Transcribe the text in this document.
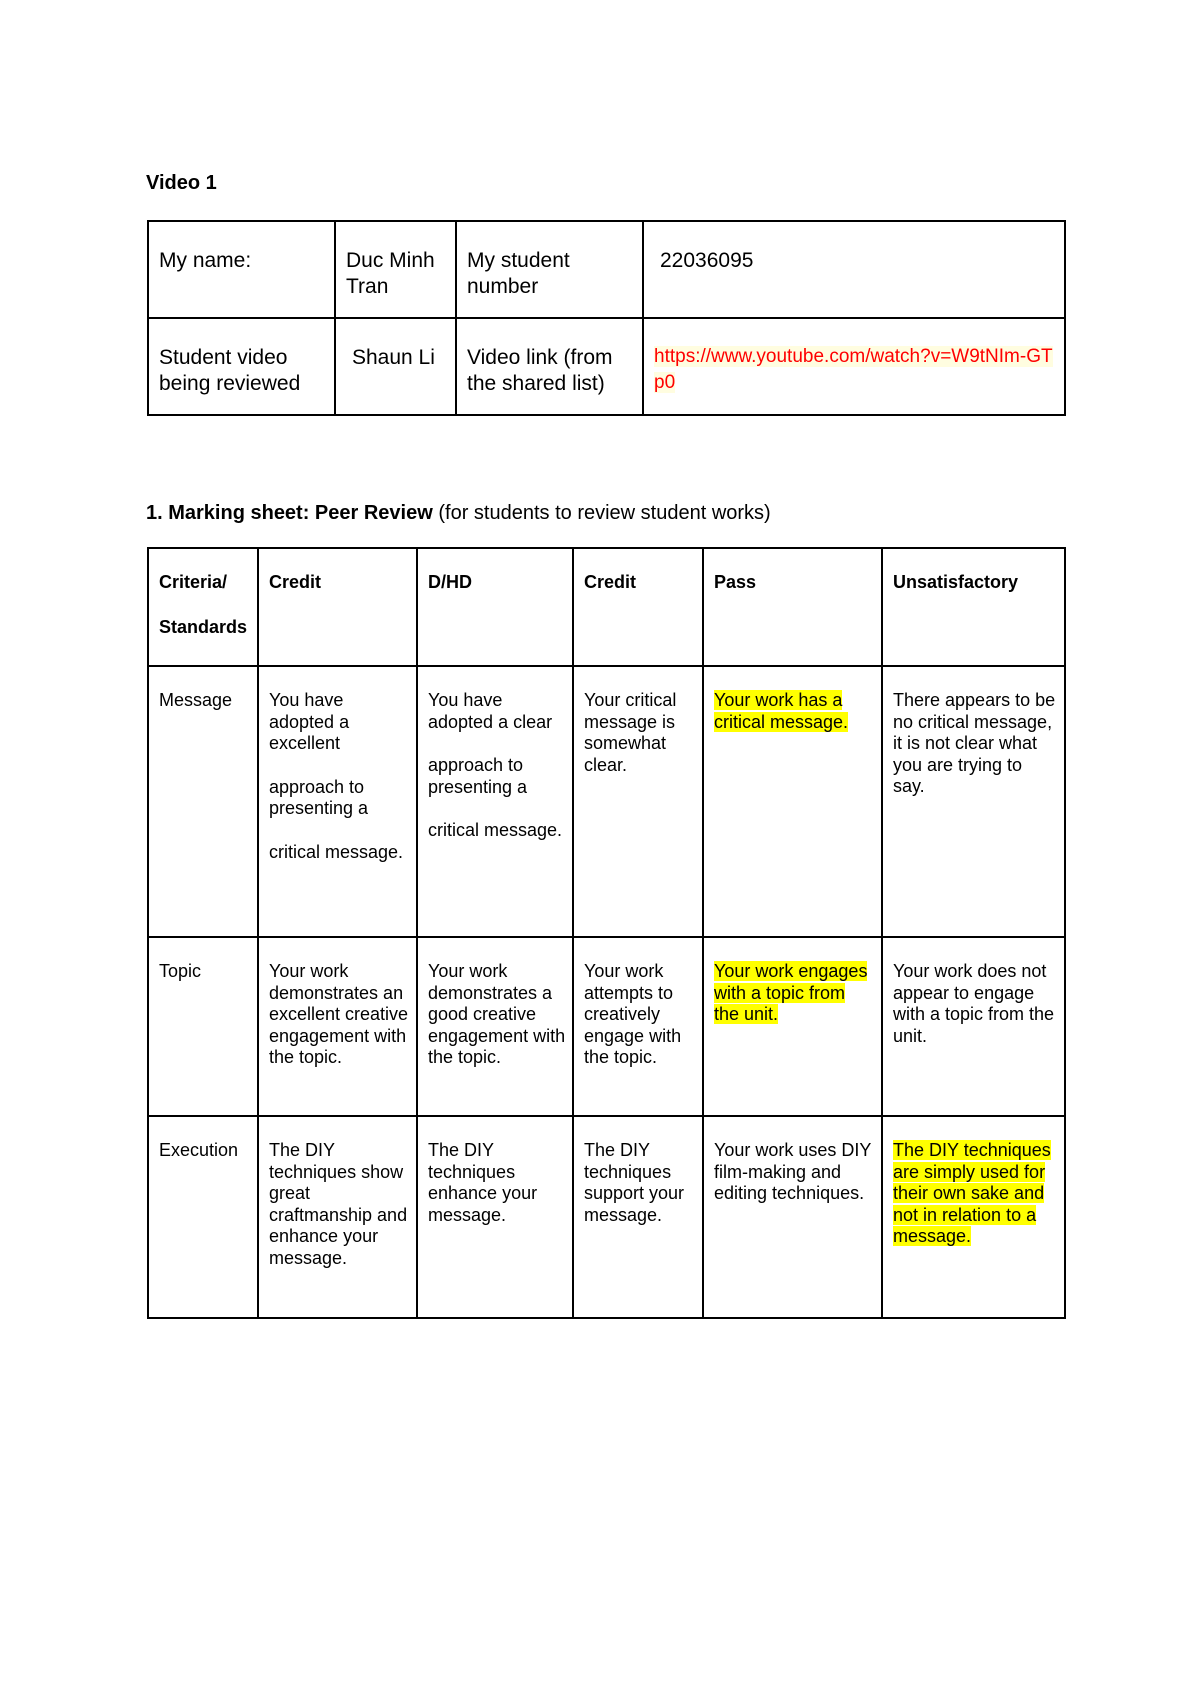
Video 1
My name:	Duc Minh Tran	My student number	22036095
Student video being reviewed	Shaun Li	Video link (from the shared list)	https://www.youtube.com/watch?v=W9tNIm-GTp0

1. Marking sheet: Peer Review (for students to review student works)

Criteria/
Standards	Credit	D/HD	Credit	Pass	Unsatisfactory
Message	You have adopted a excellent
approach to presenting a
critical message.	You have adopted a clear
approach to presenting a
critical message.	Your critical message is somewhat clear.	Your work has a critical message.	There appears to be no critical message, it is not clear what you are trying to say.

Topic	Your work demonstrates an excellent creative engagement with the topic.	Your work demonstrates a good creative engagement with the topic.	Your work attempts to creatively engage with the topic.	Your work engages with a topic from the unit.	Your work does not appear to engage with a topic from the unit.

Execution	The DIY techniques show great craftmanship and enhance your message.	The DIY techniques enhance your message.	The DIY techniques support your message.	Your work uses DIY film-making and editing techniques.	The DIY techniques are simply used for their own sake and not in relation to a message.
